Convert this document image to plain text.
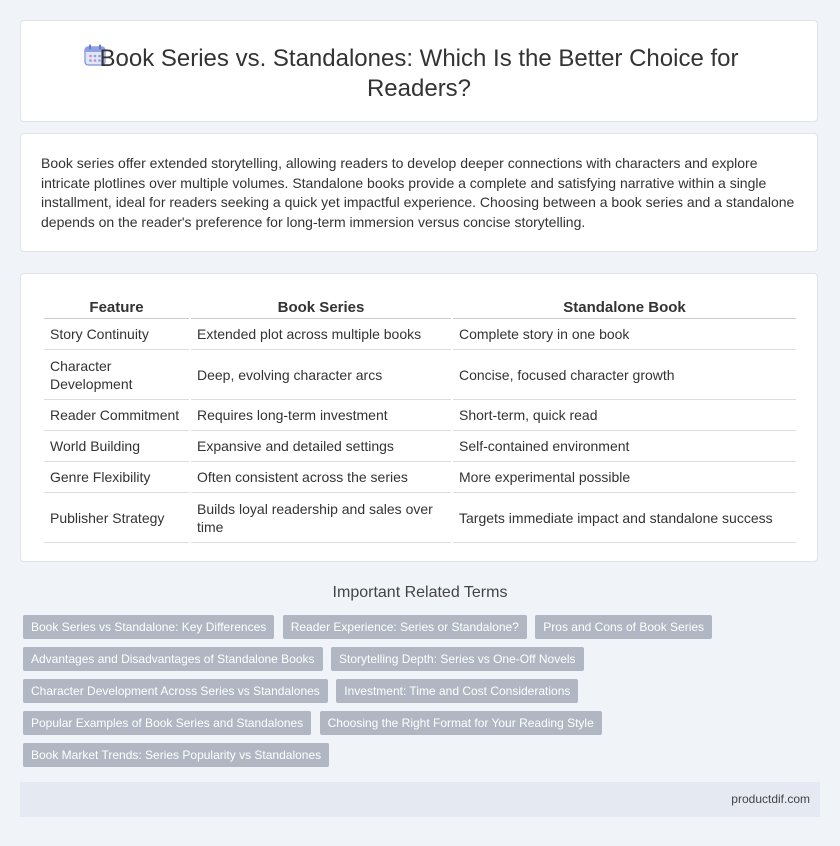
Book Series vs. Standalones: Which Is the Better Choice for Readers?

Book series offer extended storytelling, allowing readers to develop deeper connections with characters and explore intricate plotlines over multiple volumes. Standalone books provide a complete and satisfying narrative within a single installment, ideal for readers seeking a quick yet impactful experience. Choosing between a book series and a standalone depends on the reader's preference for long-term immersion versus concise storytelling.

Feature	Book Series	Standalone Book
Story Continuity	Extended plot across multiple books	Complete story in one book
Character Development	Deep, evolving character arcs	Concise, focused character growth
Reader Commitment	Requires long-term investment	Short-term, quick read
World Building	Expansive and detailed settings	Self-contained environment
Genre Flexibility	Often consistent across the series	More experimental possible
Publisher Strategy	Builds loyal readership and sales over time	Targets immediate impact and standalone success
Important Related Terms
Book Series vs Standalone: Key Differences Reader Experience: Series or Standalone? Pros and Cons of Book Series
Advantages and Disadvantages of Standalone Books Storytelling Depth: Series vs One-Off Novels
Character Development Across Series vs Standalones Investment: Time and Cost Considerations
Popular Examples of Book Series and Standalones Choosing the Right Format for Your Reading Style
Book Market Trends: Series Popularity vs Standalones
productdif.com
